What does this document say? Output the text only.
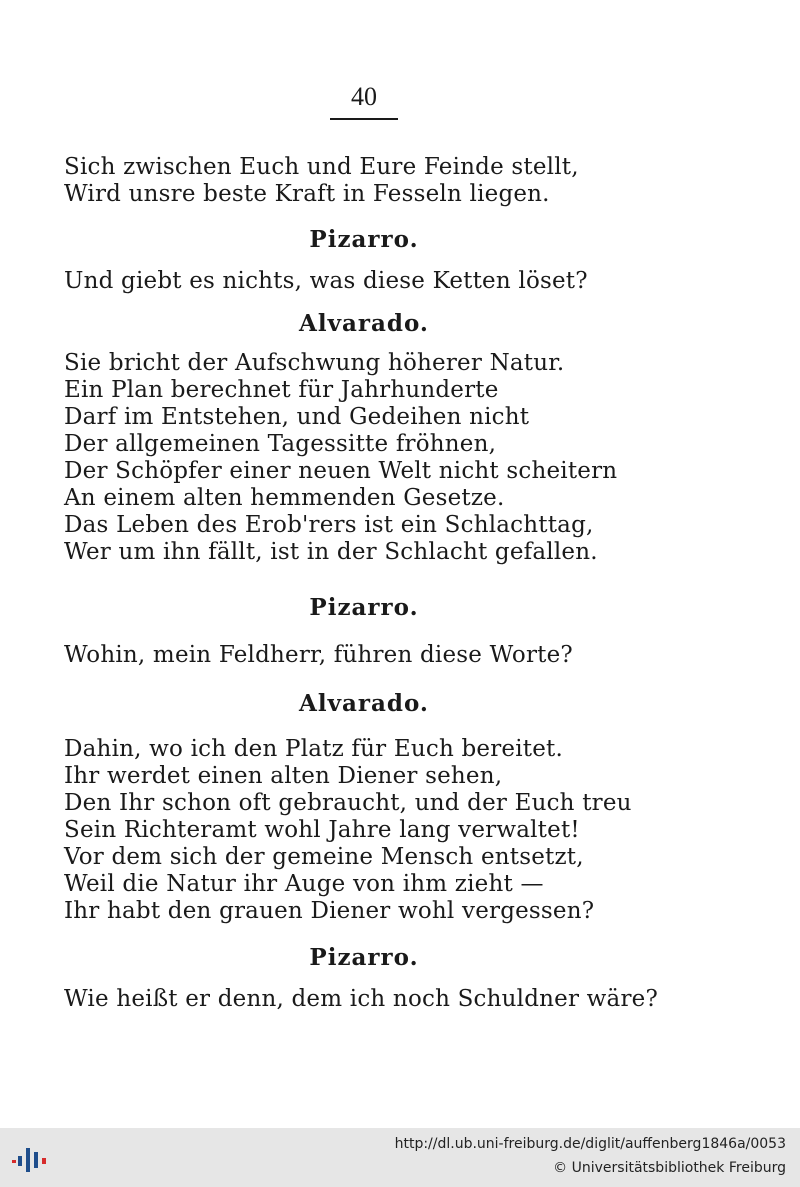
40
Sich zwischen Euch und Eure Feinde stellt,
Wird unsre beste Kraft in Fesseln liegen.
Pizarro.
Und giebt es nichts, was diese Ketten löset?
Alvarado.
Sie bricht der Aufschwung höherer Natur.
Ein Plan berechnet für Jahrhunderte
Darf im Entstehen, und Gedeihen nicht
Der allgemeinen Tagessitte fröhnen,
Der Schöpfer einer neuen Welt nicht scheitern
An einem alten hemmenden Gesetze.
Das Leben des Erob'rers ist ein Schlachttag,
Wer um ihn fällt, ist in der Schlacht gefallen.
Pizarro.
Wohin, mein Feldherr, führen diese Worte?
Alvarado.
Dahin, wo ich den Platz für Euch bereitet.
Ihr werdet einen alten Diener sehen,
Den Ihr schon oft gebraucht, und der Euch treu
Sein Richteramt wohl Jahre lang verwaltet!
Vor dem sich der gemeine Mensch entsetzt,
Weil die Natur ihr Auge von ihm zieht —
Ihr habt den grauen Diener wohl vergessen?
Pizarro.
Wie heißt er denn, dem ich noch Schuldner wäre?
http://dl.ub.uni-freiburg.de/diglit/auffenberg1846a/0053
© Universitätsbibliothek Freiburg
